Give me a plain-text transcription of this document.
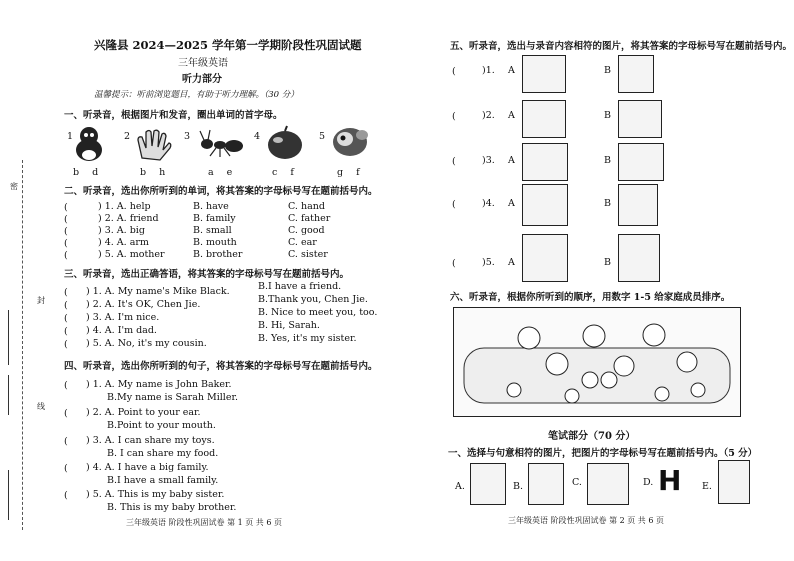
密
封
线
兴隆县 2024—2025 学年第一学期阶段性巩固试题
三年级英语
听力部分
温馨提示：听前浏览题目，有助于听力理解。（30 分）
一、听录音，根据图片和发音，圈出单词的首字母。
1	2	3	4	5
b d	b h	a e	c f	g f
二、听录音，选出你所听到的单词，将其答案的字母标号写在题前括号内。
(	) 1. A. help	B. have	C. hand
(	) 2. A. friend	B. family	C. father
(	) 3. A. big	B. small	C. good
(	) 4. A. arm	B. mouth	C. ear
(	) 5. A. mother	B. brother	C. sister
三、听录音，选出正确答语，将其答案的字母标号写在题前括号内。
( ) 1. A. My name's Mike Black.	B.I have a friend.
( ) 2. A. It's OK, Chen Jie.	B.Thank you, Chen Jie.
( ) 3. A. I'm nice.	B. Nice to meet you, too.
( ) 4. A. I'm dad.	B. Hi, Sarah.
( ) 5. A. No, it's my cousin.	B. Yes, it's my sister.
四、听录音，选出你所听到的句子，将其答案的字母标号写在题前括号内。
( ) 1. A. My name is John Baker.
B.My name is Sarah Miller.
( ) 2. A. Point to your ear.
B.Point to your mouth.
( ) 3. A. I can share my toys.
B. I can share my food.
( ) 4. A. I have a big family.
B.I have a small family.
( ) 5. A. This is my baby sister.
B. This is my baby brother.
三年级英语 阶段性巩固试卷 第 1 页 共 6 页
五、听录音，选出与录音内容相符的图片，将其答案的字母标号写在题前括号内。
(	)1. A	B
(	)2. A	B
(	)3. A	B
(	)4. A	B
(	)5. A	B
六、听录音，根据你所听到的顺序，用数字 1-5 给家庭成员排序。
笔试部分（70 分）
一、选择与句意相符的图片，把图片的字母标号写在题前括号内。（5 分）
A.	B.	C.	D. H E.
三年级英语 阶段性巩固试卷 第 2 页 共 6 页
